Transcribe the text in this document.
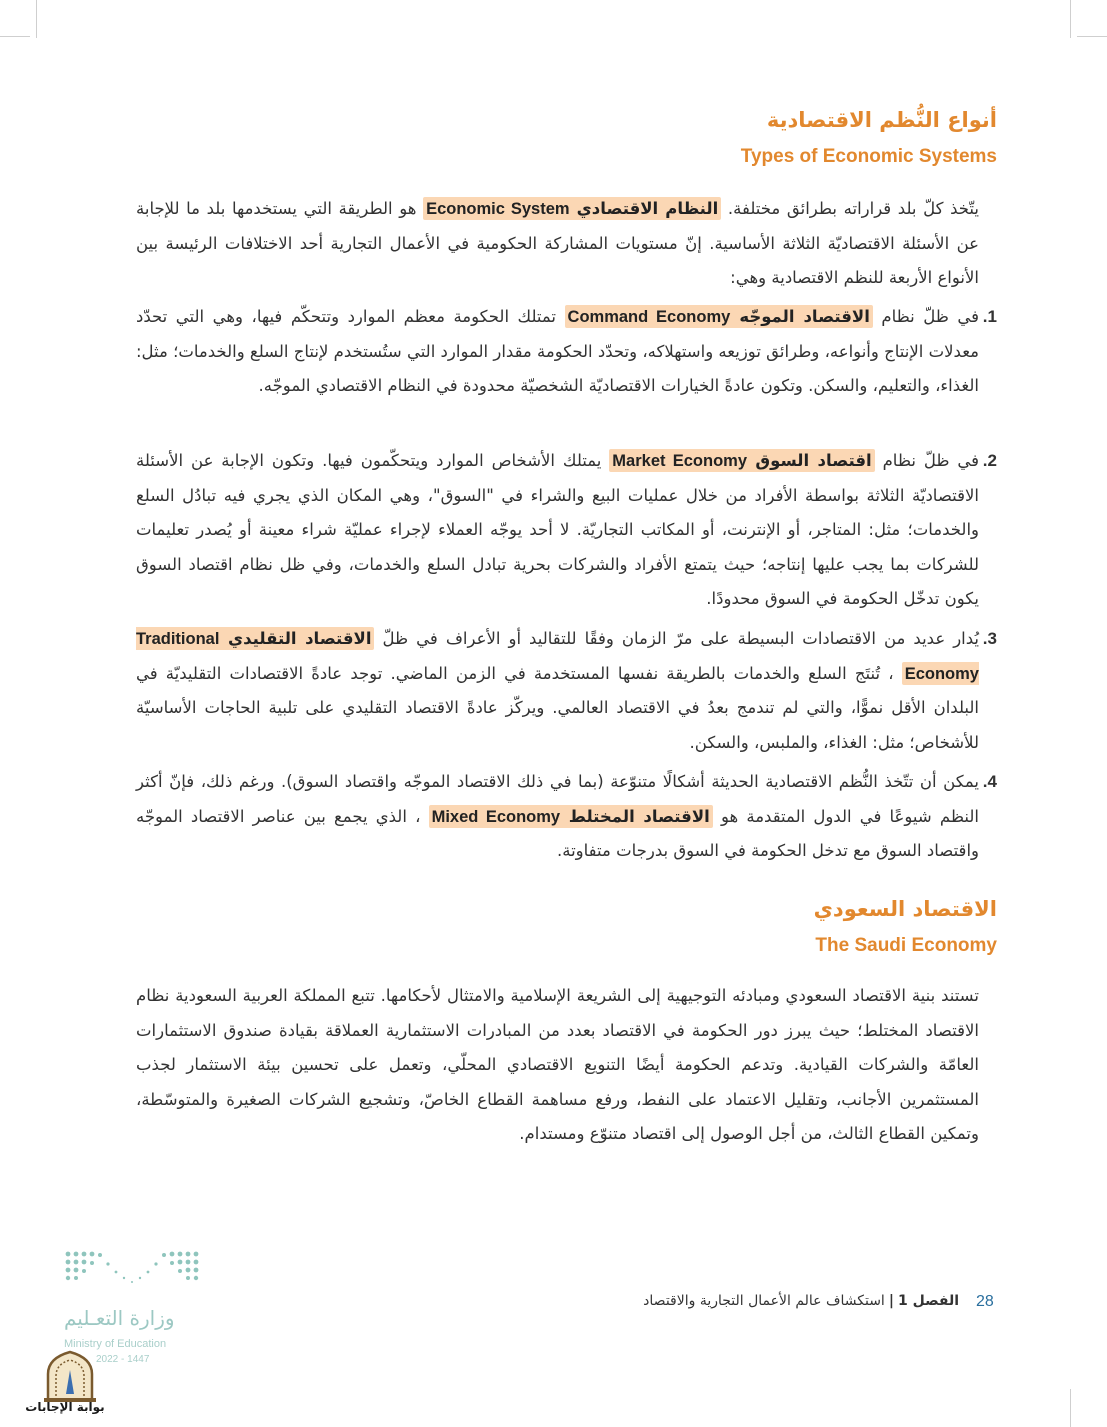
أنواع النُّظم الاقتصادية
Types of Economic Systems
يتّخذ كلّ بلد قراراته بطرائق مختلفة. النظام الاقتصادي Economic System هو الطريقة التي يستخدمها بلد ما للإجابة عن الأسئلة الاقتصاديّة الثلاثة الأساسية. إنّ مستويات المشاركة الحكومية في الأعمال التجارية أحد الاختلافات الرئيسة بين الأنواع الأربعة للنظم الاقتصادية وهي:
1.
في ظلّ نظام الاقتصاد الموجّه Command Economy تمتلك الحكومة معظم الموارد وتتحكّم فيها، وهي التي تحدّد معدلات الإنتاج وأنواعه، وطرائق توزيعه واستهلاكه، وتحدّد الحكومة مقدار الموارد التي ستُستخدم لإنتاج السلع والخدمات؛ مثل: الغذاء، والتعليم، والسكن. وتكون عادةً الخيارات الاقتصاديّة الشخصيّة محدودة في النظام الاقتصادي الموجّه.
2.
في ظلّ نظام اقتصاد السوق Market Economy يمتلك الأشخاص الموارد ويتحكّمون فيها. وتكون الإجابة عن الأسئلة الاقتصاديّة الثلاثة بواسطة الأفراد من خلال عمليات البيع والشراء في "السوق"، وهي المكان الذي يجري فيه تبادُل السلع والخدمات؛ مثل: المتاجر، أو الإنترنت، أو المكاتب التجاريّة. لا أحد يوجّه العملاء لإجراء عمليّة شراء معينة أو يُصدر تعليمات للشركات بما يجب عليها إنتاجه؛ حيث يتمتع الأفراد والشركات بحرية تبادل السلع والخدمات، وفي ظل نظام اقتصاد السوق يكون تدخّل الحكومة في السوق محدودًا.
3.
يُدار عديد من الاقتصادات البسيطة على مرّ الزمان وفقًا للتقاليد أو الأعراف في ظلّ الاقتصاد التقليدي Traditional Economy ، تُنتَج السلع والخدمات بالطريقة نفسها المستخدمة في الزمن الماضي. توجد عادةً الاقتصادات التقليديّة في البلدان الأقل نموًّا، والتي لم تندمج بعدُ في الاقتصاد العالمي. ويركّز عادةً الاقتصاد التقليدي على تلبية الحاجات الأساسيّة للأشخاص؛ مثل: الغذاء، والملبس، والسكن.
4.
يمكن أن تتّخذ النُّظم الاقتصادية الحديثة أشكالًا متنوّعة (بما في ذلك الاقتصاد الموجّه واقتصاد السوق). ورغم ذلك، فإنّ أكثر النظم شيوعًا في الدول المتقدمة هو الاقتصاد المختلط Mixed Economy ، الذي يجمع بين عناصر الاقتصاد الموجّه واقتصاد السوق مع تدخل الحكومة في السوق بدرجات متفاوتة.
الاقتصاد السعودي
The Saudi Economy
تستند بنية الاقتصاد السعودي ومبادئه التوجيهية إلى الشريعة الإسلامية والامتثال لأحكامها. تتبع المملكة العربية السعودية نظام الاقتصاد المختلط؛ حيث يبرز دور الحكومة في الاقتصاد بعدد من المبادرات الاستثمارية العملاقة بقيادة صندوق الاستثمارات العامّة والشركات القيادية. وتدعم الحكومة أيضًا التنويع الاقتصادي المحلّي، وتعمل على تحسين بيئة الاستثمار لجذب المستثمرين الأجانب، وتقليل الاعتماد على النفط، ورفع مساهمة القطاع الخاصّ، وتشجيع الشركات الصغيرة والمتوسّطة، وتمكين القطاع الثالث، من أجل الوصول إلى اقتصاد متنوّع ومستدام.
وزارة التعـليم
Ministry of Education
2022 - 1447
28
الفصل 1|استكشاف عالم الأعمال التجارية والاقتصاد
بوابة الإجابات
